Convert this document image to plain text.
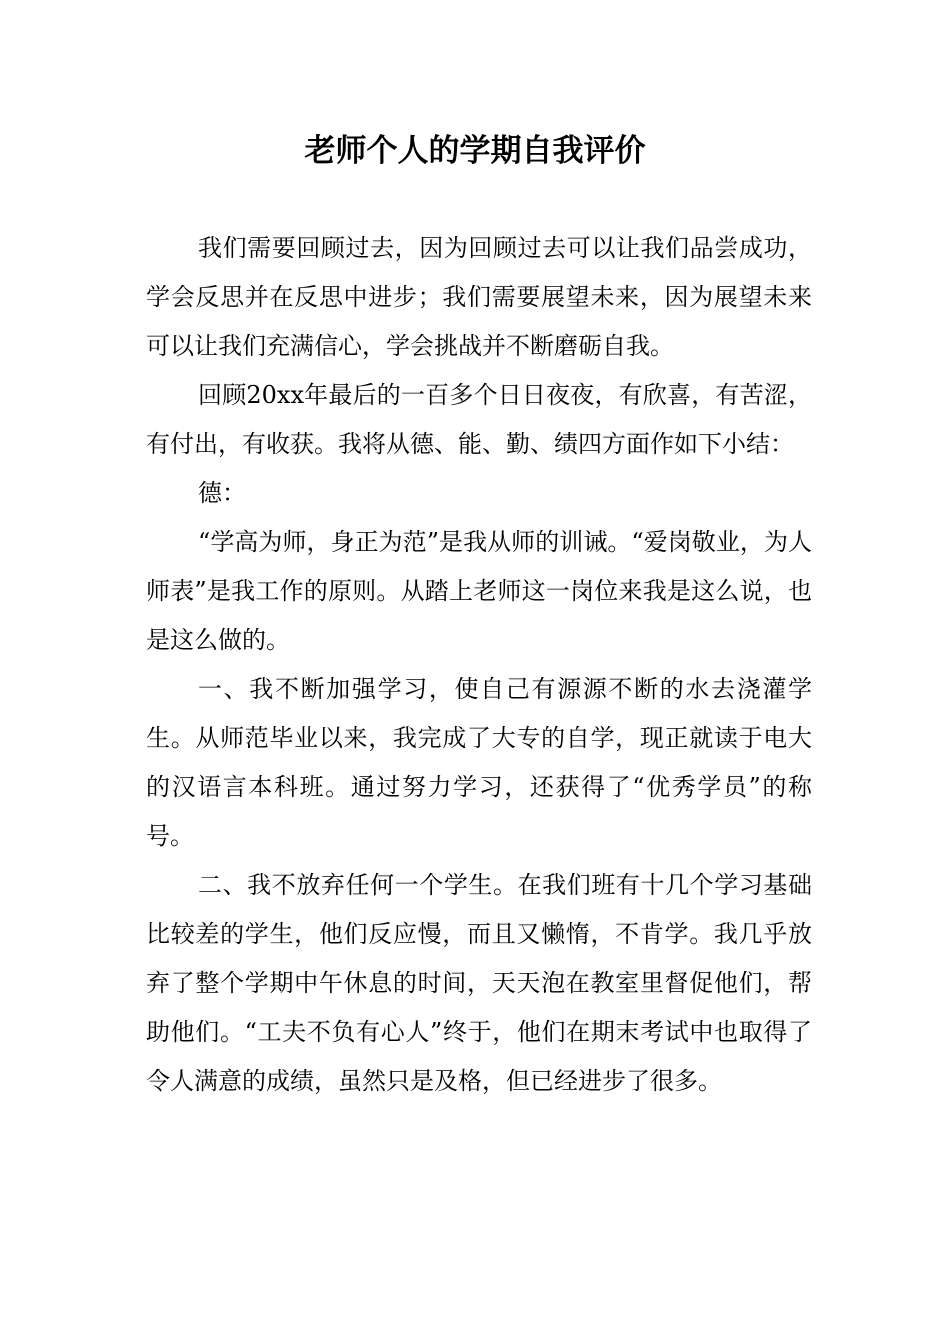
老师个人的学期自我评价

我们需要回顾过去，因为回顾过去可以让我们品尝成功，学会反思并在反思中进步；我们需要展望未来，因为展望未来可以让我们充满信心，学会挑战并不断磨砺自我。

回顾20xx年最后的一百多个日日夜夜，有欣喜，有苦涩，有付出，有收获。我将从德、能、勤、绩四方面作如下小结：

德：

“学高为师，身正为范”是我从师的训诫。“爱岗敬业，为人师表”是我工作的原则。从踏上老师这一岗位来我是这么说，也是这么做的。

一、我不断加强学习，使自己有源源不断的水去浇灌学生。从师范毕业以来，我完成了大专的自学，现正就读于电大的汉语言本科班。通过努力学习，还获得了“优秀学员”的称号。

二、我不放弃任何一个学生。在我们班有十几个学习基础比较差的学生，他们反应慢，而且又懒惰，不肯学。我几乎放弃了整个学期中午休息的时间，天天泡在教室里督促他们，帮助他们。“工夫不负有心人”终于，他们在期末考试中也取得了令人满意的成绩，虽然只是及格，但已经进步了很多。
